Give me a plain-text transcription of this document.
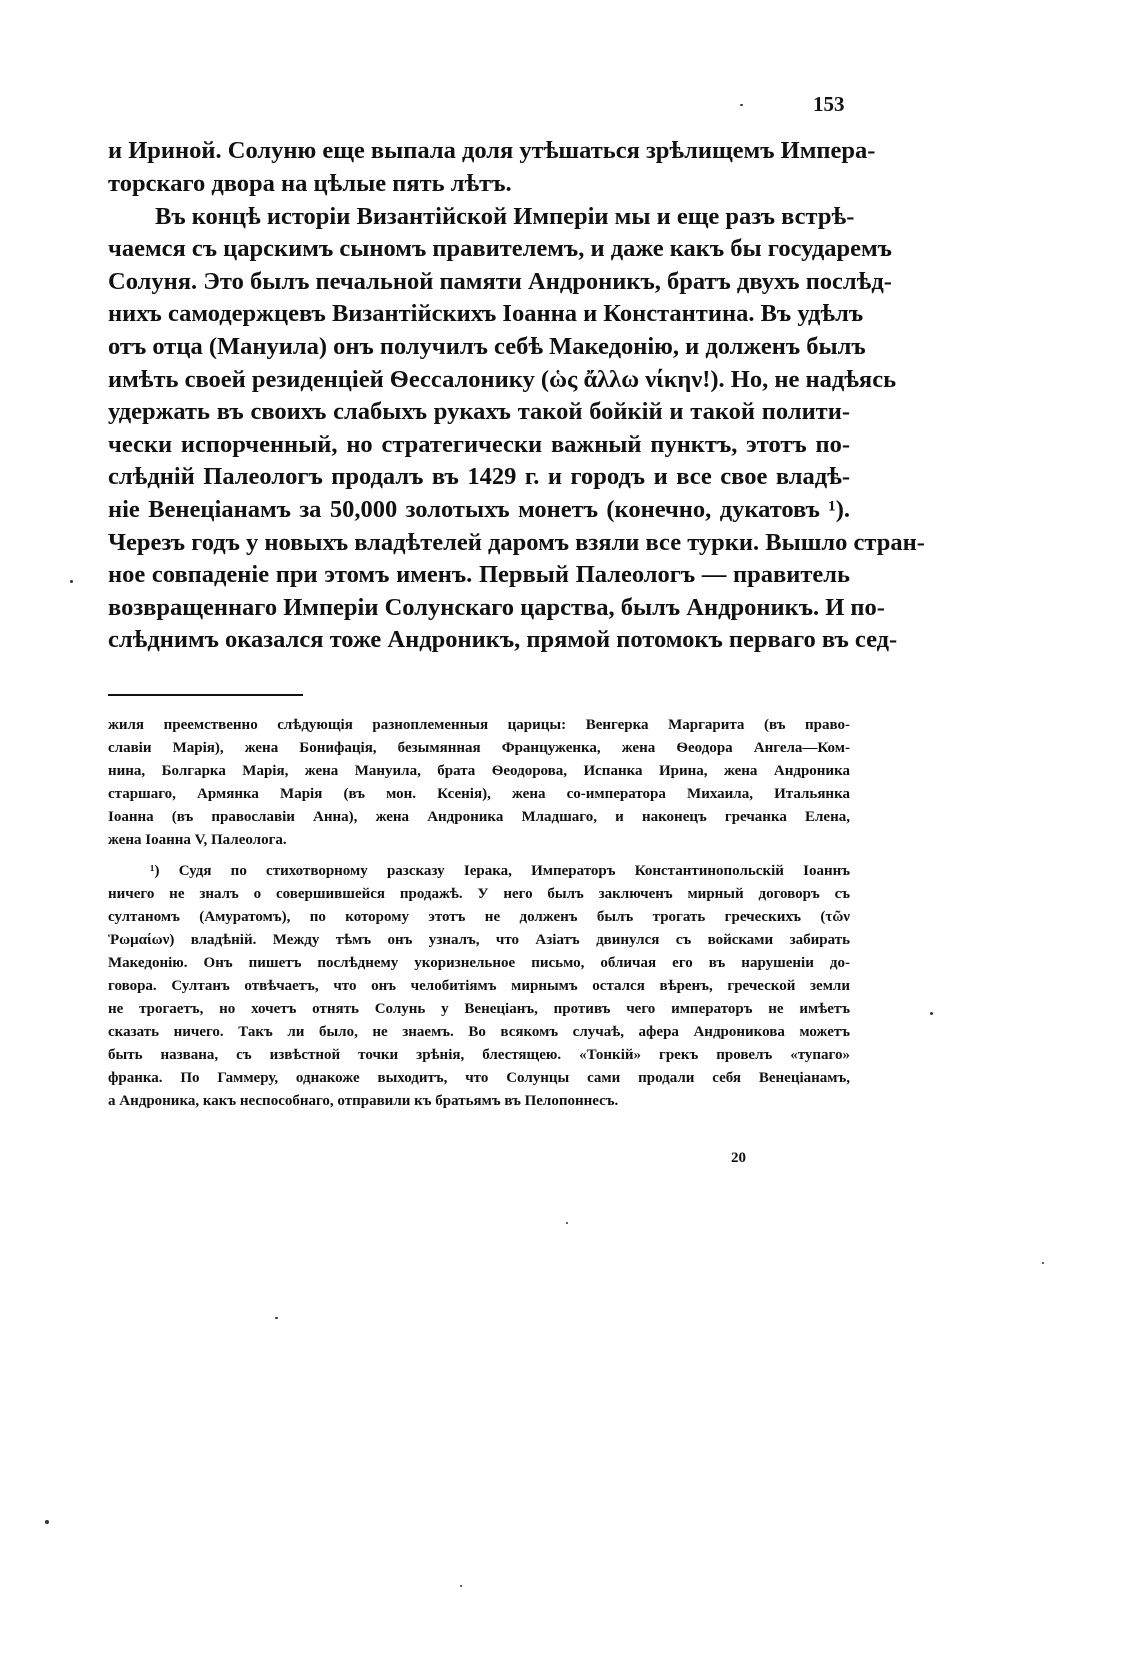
153
и Ириной. Солуню еще выпала доля утѣшаться зрѣлищемъ Импера-
торскаго двора на цѣлые пять лѣтъ.
Въ концѣ исторіи Византійской Имперіи мы и еще разъ встрѣ-
чаемся съ царскимъ сыномъ правителемъ, и даже какъ бы государемъ
Солуня. Это былъ печальной памяти Андроникъ, братъ двухъ послѣд-
нихъ самодержцевъ Византійскихъ Іоанна и Константина. Въ удѣлъ
отъ отца (Мануила) онъ получилъ себѣ Македонію, и долженъ былъ
имѣть своей резиденціей Ѳессалонику (ὡς ἄλλω νίκην!). Но, не надѣясь
удержать въ своихъ слабыхъ рукахъ такой бойкій и такой полити-
чески испорченный, но стратегически важный пунктъ, этотъ по-
слѣдній Палеологъ продалъ въ 1429 г. и городъ и все свое владѣ-
ніе Венеціанамъ за 50,000 золотыхъ монетъ (конечно, дукатовъ ¹).
Черезъ годъ у новыхъ владѣтелей даромъ взяли все турки. Вышло стран-
ное совпаденіе при этомъ именъ. Первый Палеологъ — правитель
возвращеннаго Имперіи Солунскаго царства, былъ Андроникъ. И по-
слѣднимъ оказался тоже Андроникъ, прямой потомокъ перваго въ сед-
жиля преемственно слѣдующія разноплеменныя царицы: Венгерка Маргарита (въ право-
славіи Марія), жена Бонифація, безымянная Француженка, жена Ѳеодора Ангела—Ком-
нина, Болгарка Марія, жена Мануила, брата Ѳеодорова, Испанка Ирина, жена Андроника
старшаго, Армянка Марія (въ мон. Ксенія), жена со-императора Михаила, Итальянка
Іоанна (въ православіи Анна), жена Андроника Младшаго, и наконецъ гречанка Елена,
жена Іоанна V, Палеолога.
¹) Судя по стихотворному разсказу Іерака, Императоръ Константинопольскій Іоаннъ
ничего не зналъ о совершившейся продажѣ. У него былъ заключенъ мирный договоръ съ
султаномъ (Амуратомъ), по которому этотъ не долженъ былъ трогать греческихъ (τῶν
Ῥωμαίων) владѣній. Между тѣмъ онъ узналъ, что Азіатъ двинулся съ войсками забирать
Македонію. Онъ пишетъ послѣднему укоризнельное письмо, обличая его въ нарушеніи до-
говора. Султанъ отвѣчаетъ, что онъ челобитіямъ мирнымъ остался вѣренъ, греческой земли
не трогаетъ, но хочетъ отнять Солунь у Венеціанъ, противъ чего императоръ не имѣетъ
сказать ничего. Такъ ли было, не знаемъ. Во всякомъ случаѣ, афера Андроникова можетъ
быть названа, съ извѣстной точки зрѣнія, блестящею. «Тонкій» грекъ провелъ «тупаго»
франка. По Гаммеру, однакоже выходитъ, что Солунцы сами продали себя Венеціанамъ,
а Андроника, какъ неспособнаго, отправили къ братьямъ въ Пелопоннесъ.
20
